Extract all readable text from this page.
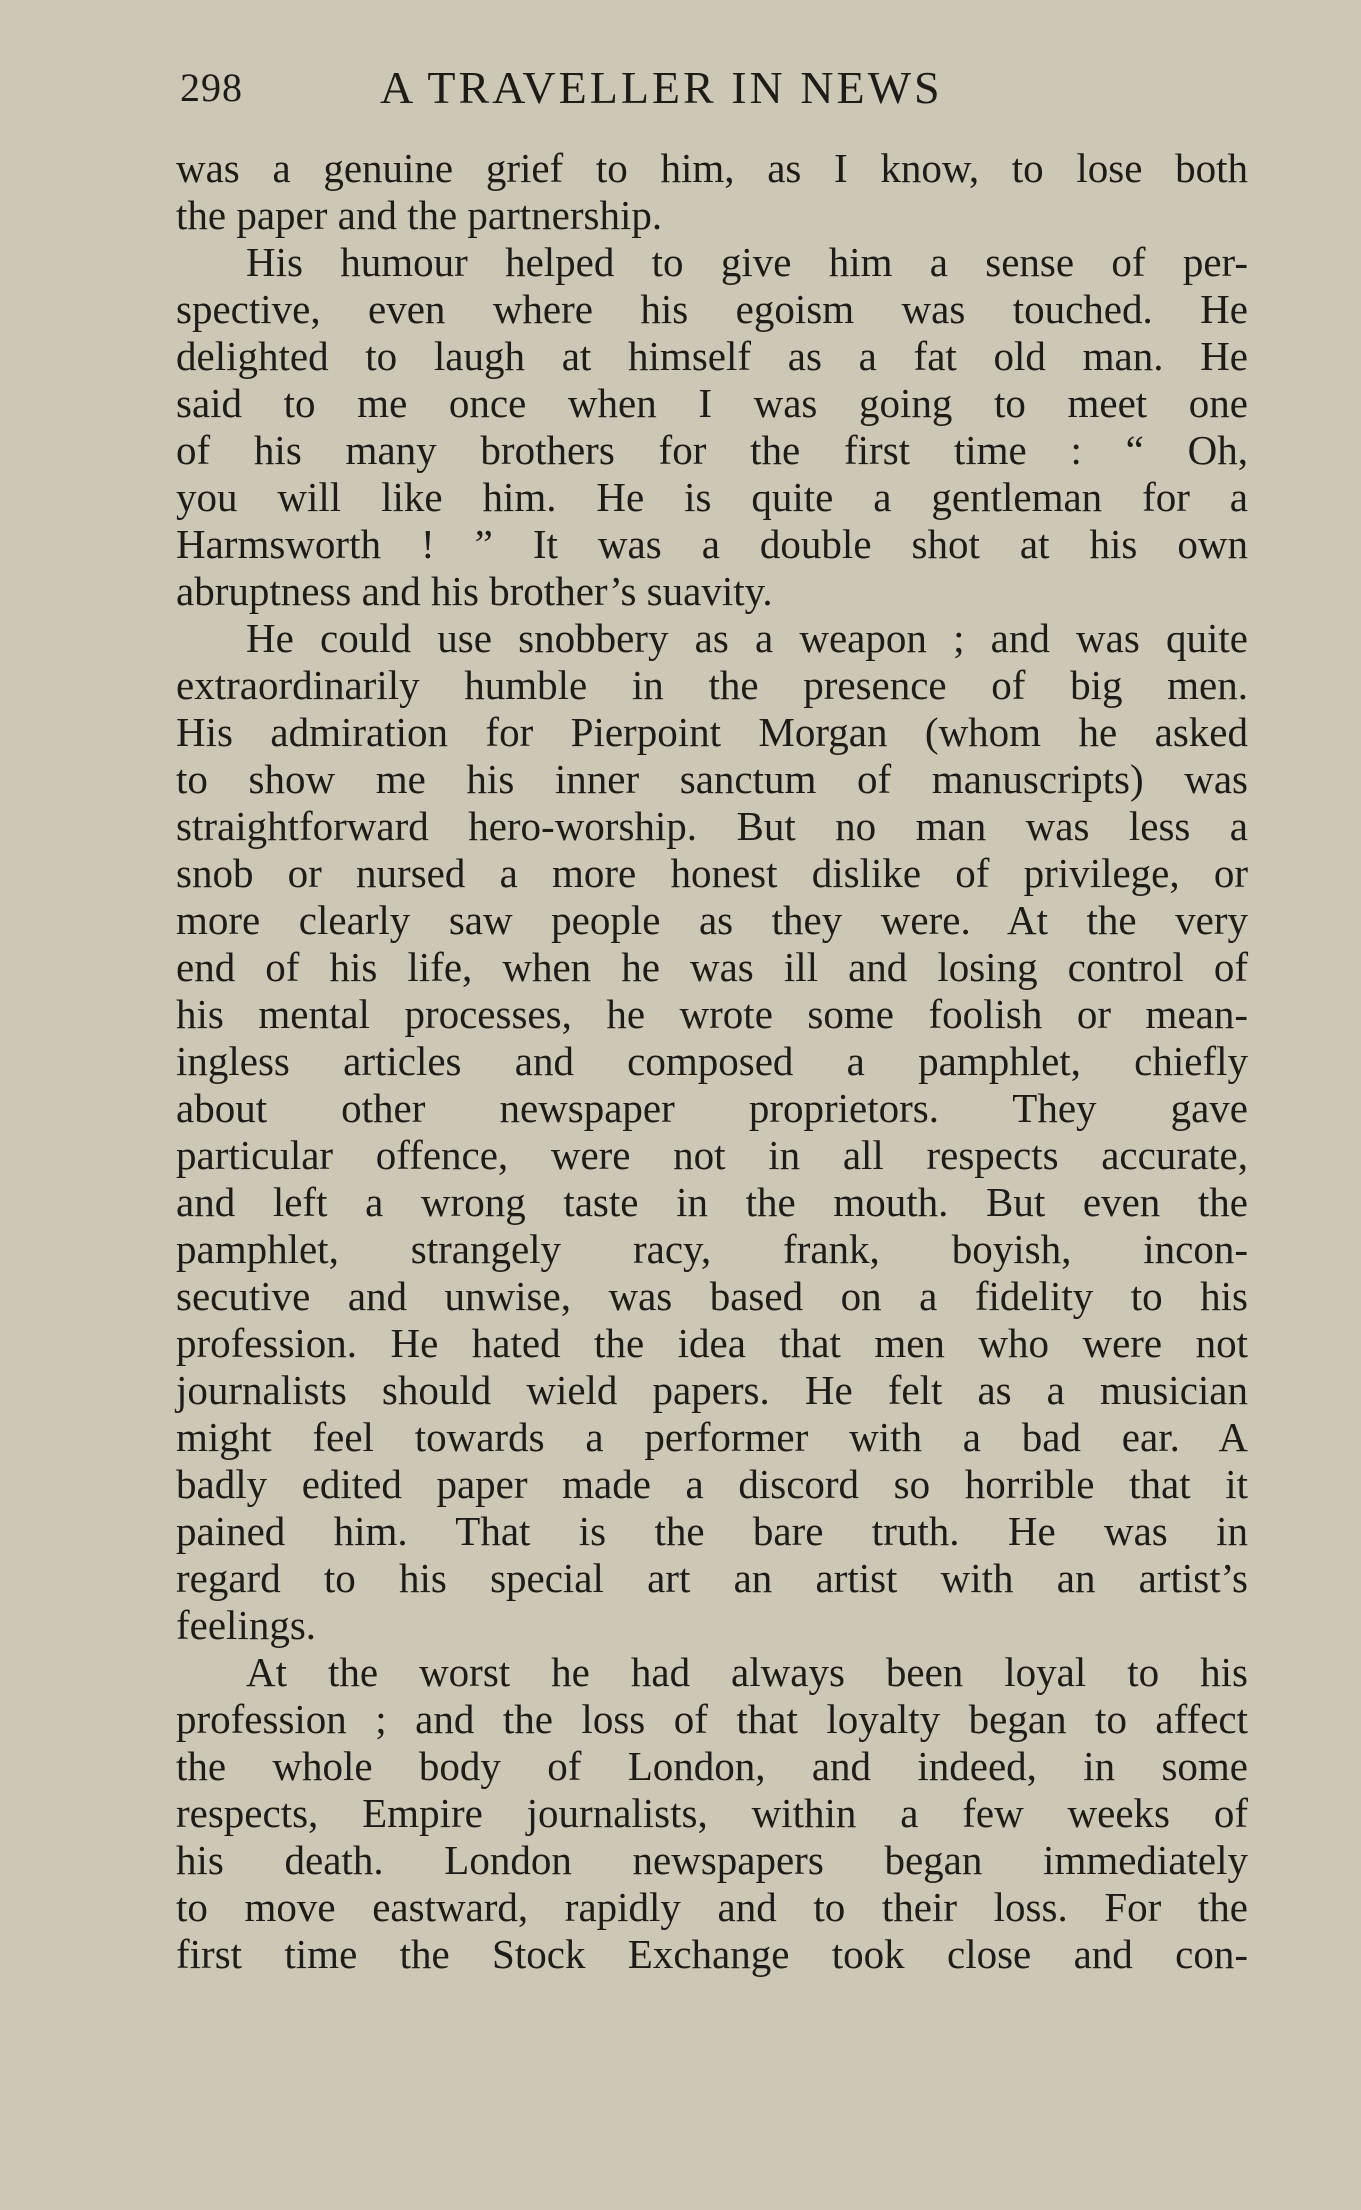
298	A TRAVELLER IN NEWS
was a genuine grief to him, as I know, to lose both
the paper and the partnership.
His humour helped to give him a sense of per-
spective, even where his egoism was touched. He
delighted to laugh at himself as a fat old man. He
said to me once when I was going to meet one
of his many brothers for the first time : “ Oh,
you will like him. He is quite a gentleman for a
Harmsworth ! ” It was a double shot at his own
abruptness and his brother’s suavity.
He could use snobbery as a weapon ; and was quite
extraordinarily humble in the presence of big men.
His admiration for Pierpoint Morgan (whom he asked
to show me his inner sanctum of manuscripts) was
straightforward hero-worship. But no man was less a
snob or nursed a more honest dislike of privilege, or
more clearly saw people as they were. At the very
end of his life, when he was ill and losing control of
his mental processes, he wrote some foolish or mean-
ingless articles and composed a pamphlet, chiefly
about other newspaper proprietors. They gave
particular offence, were not in all respects accurate,
and left a wrong taste in the mouth. But even the
pamphlet, strangely racy, frank, boyish, incon-
secutive and unwise, was based on a fidelity to his
profession. He hated the idea that men who were not
journalists should wield papers. He felt as a musician
might feel towards a performer with a bad ear. A
badly edited paper made a discord so horrible that it
pained him. That is the bare truth. He was in
regard to his special art an artist with an artist’s
feelings.
At the worst he had always been loyal to his
profession ; and the loss of that loyalty began to affect
the whole body of London, and indeed, in some
respects, Empire journalists, within a few weeks of
his death. London newspapers began immediately
to move eastward, rapidly and to their loss. For the
first time the Stock Exchange took close and con-
